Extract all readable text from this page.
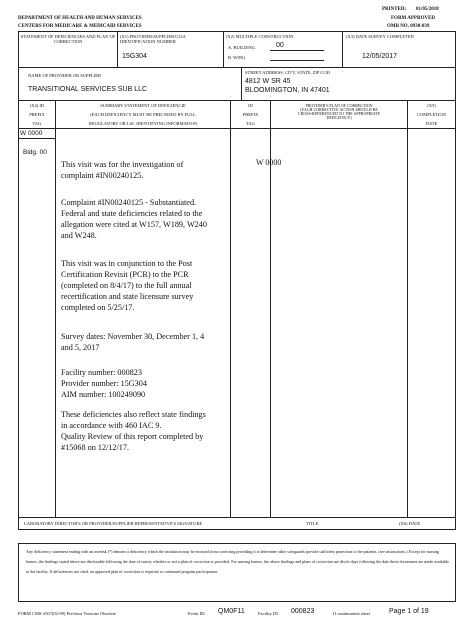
PRINTED: 01/05/2018
DEPARTMENT OF HEALTH AND HUMAN SERVICES
CENTERS FOR MEDICARE & MEDICAID SERVICES
FORM APPROVED
OMB NO. 0938-039
STATEMENT OF DEFICIENCIES AND PLAN OF CORRECTION
(X1) PROVIDER/SUPPLIER/CLIA IDENTIFICATION NUMBER
15G304
(X2) MULTIPLE CONSTRUCTION
A. BUILDING	00
B. WING
(X3) DATE SURVEY COMPLETED
12/05/2017
NAME OF PROVIDER OR SUPPLIER
TRANSITIONAL SERVICES SUB LLC
STREET ADDRESS, CITY, STATE, ZIP COD
4812 W SR 45
BLOOMINGTON, IN 47401
(X4) ID
PREFIX
TAG
SUMMARY STATEMENT OF DEFICIENCIE
(EACH DEFICIENCY MUST BE PRECEDED BY FULL
REGULATORY OR LSC IDENTIFYING INFORMATION
ID
PREFIX
TAG
PROVIDER'S PLAN OF CORRECTION
(EACH CORRECTIVE ACTION SHOULD BE
CROSS-REFERENCED TO THE APPROPRIATE
DEFICIENCY)
(X5)
COMPLETION
DATE
W 0000
Bldg. 00
W 0000
This visit was for the investigation of complaint #IN00240125.
Complaint #IN00240125 - Substantiated. Federal and state deficiencies related to the allegation were cited at W157, W189, W240 and W248.
This visit was in conjunction to the Post Certification Revisit (PCR) to the PCR (completed on 8/4/17) to the full annual recertification and state licensure survey completed on 5/25/17.
Survey dates: November 30, December 1, 4 and 5, 2017
Facility number: 000823
Provider number: 15G304
AIM number: 100249090
These deficiencies also reflect state findings in accordance with 460 IAC 9.
Quality Review of this report completed by #15068 on 12/12/17.
LABORATORY DIRECTOR'S OR PROVIDER/SUPPLIER REPRESENTATIVE'S SIGNATURE	TITLE	(X6) DATE
Any deficiency statement ending with an asterisk (*) denotes a deficiency which the institution may be excused from correcting providing it is determine other safeguards provide sufficient protection to the patients. (see instructions.) Except for nursing homes, the findings stated above are disclosable following the date of survey whether or not a plan of correction is provided. For nursing homes, the above findings and plans of correction are disclo days following the date these documents are made available to the facility. If deficiencies are cited, an approved plan of correction is requisite to continued program participation.
FORM CMS-2567(02-99) Previous Versions Obsolete	Event ID: QM0F11	Facility ID: 000823	If continuation sheet	Page 1 of 19
